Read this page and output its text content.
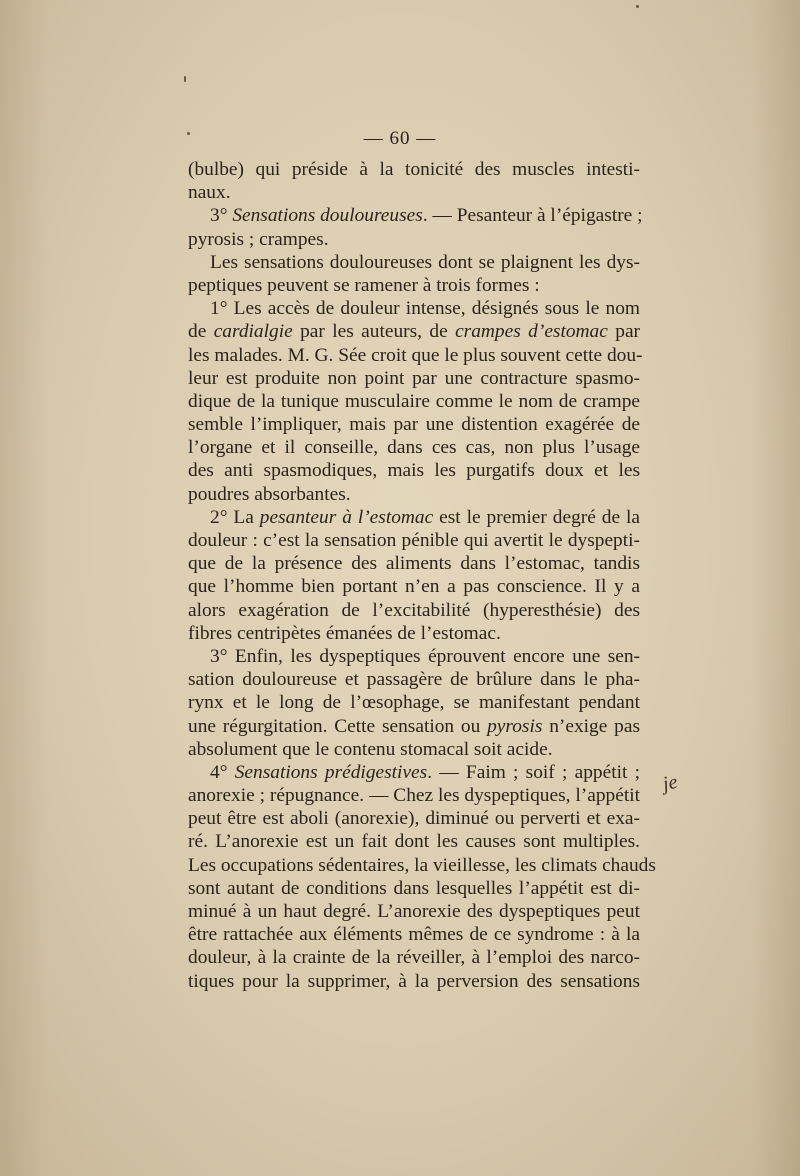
— 60 —
(bulbe) qui préside à la tonicité des muscles intesti-
naux.
3° Sensations douloureuses. — Pesanteur à l’épigastre ;
pyrosis ; crampes.
Les sensations douloureuses dont se plaignent les dys-
peptiques peuvent se ramener à trois formes :
1° Les accès de douleur intense, désignés sous le nom
de cardialgie par les auteurs, de crampes d’estomac par
les malades. M. G. Sée croit que le plus souvent cette dou-
leur est produite non point par une contracture spasmo-
dique de la tunique musculaire comme le nom de crampe
semble l’impliquer, mais par une distention exagérée de
l’organe et il conseille, dans ces cas, non plus l’usage
des anti spasmodiques, mais les purgatifs doux et les
poudres absorbantes.
2° La pesanteur à l’estomac est le premier degré de la
douleur : c’est la sensation pénible qui avertit le dyspepti-
que de la présence des aliments dans l’estomac, tandis
que l’homme bien portant n’en a pas conscience. Il y a
alors exagération de l’excitabilité (hyperesthésie) des
fibres centripètes émanées de l’estomac.
3° Enfin, les dyspeptiques éprouvent encore une sen-
sation douloureuse et passagère de brûlure dans le pha-
rynx et le long de l’œsophage, se manifestant pendant
une régurgitation. Cette sensation ou pyrosis n’exige pas
absolument que le contenu stomacal soit acide.
4° Sensations prédigestives. — Faim ; soif ; appétit ;
anorexie ; répugnance. — Chez les dyspeptiques, l’appétit
peut être est aboli (anorexie), diminué ou perverti et exa-
ré. L’anorexie est un fait dont les causes sont multiples.
Les occupations sédentaires, la vieillesse, les climats chauds
sont autant de conditions dans lesquelles l’appétit est di-
minué à un haut degré. L’anorexie des dyspeptiques peut
être rattachée aux éléments mêmes de ce syndrome : à la
douleur, à la crainte de la réveiller, à l’emploi des narco-
tiques pour la supprimer, à la perversion des sensations
je
